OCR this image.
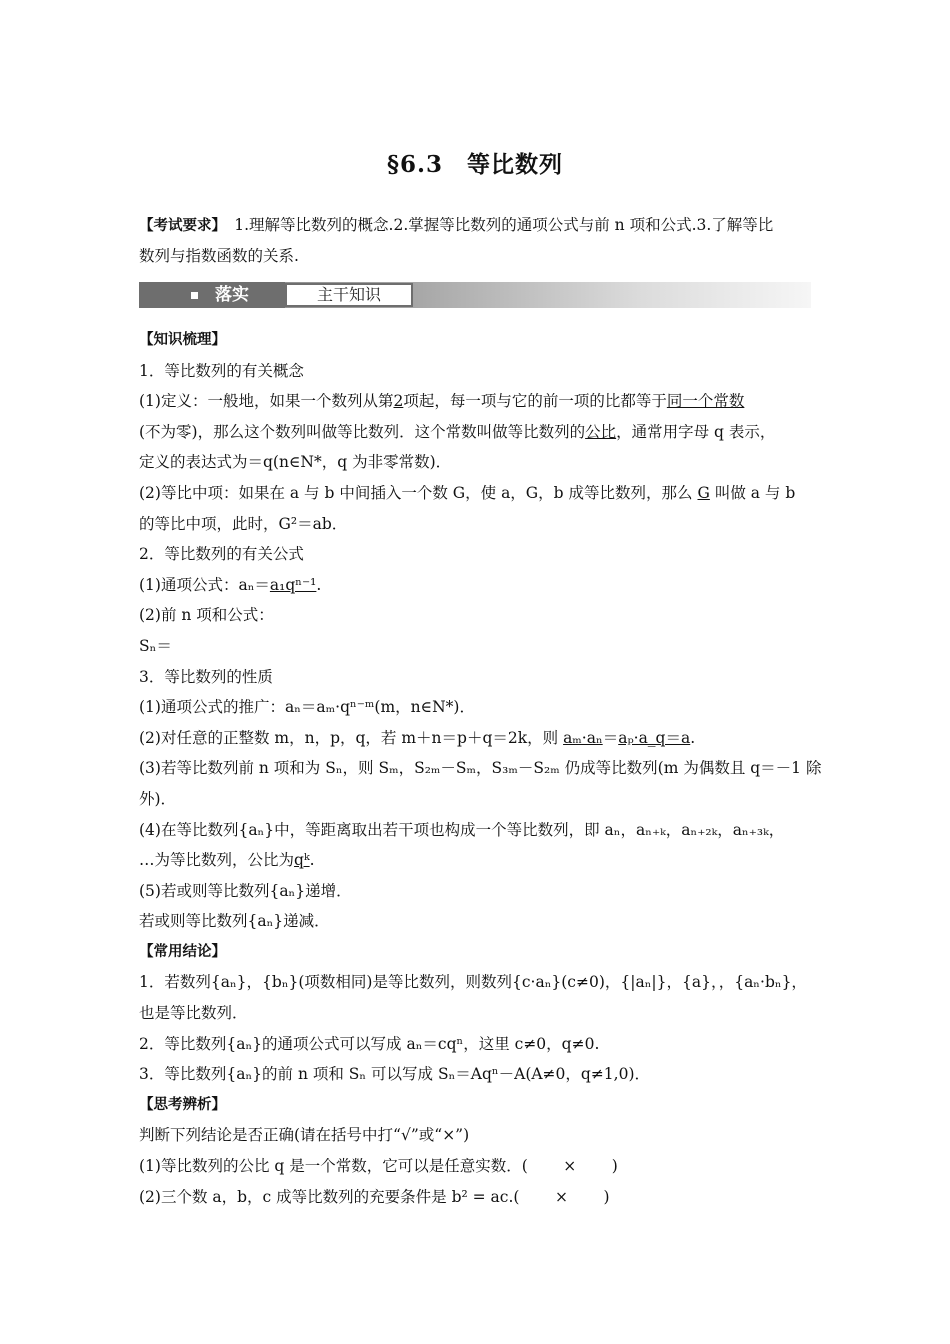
§6.3　等比数列
【考试要求】　1.理解等比数列的概念.2.掌握等比数列的通项公式与前 n 项和公式.3.了解等比
数列与指数函数的关系.
落实	主干知识
【知识梳理】
1．等比数列的有关概念
(1)定义：一般地，如果一个数列从第2项起，每一项与它的前一项的比都等于同一个常数
(不为零)，那么这个数列叫做等比数列．这个常数叫做等比数列的公比，通常用字母 q 表示，
定义的表达式为＝q(n∈N*，q 为非零常数)．
(2)等比中项：如果在 a 与 b 中间插入一个数 G，使 a，G，b 成等比数列，那么 G 叫做 a 与 b
的等比中项，此时，G²＝ab．
2．等比数列的有关公式
(1)通项公式：aₙ＝a₁qⁿ⁻¹.
(2)前 n 项和公式：
Sₙ＝
3．等比数列的性质
(1)通项公式的推广：aₙ＝aₘ·qⁿ⁻ᵐ(m，n∈N*)．
(2)对任意的正整数 m，n，p，q，若 m＋n＝p＋q＝2k，则 aₘ·aₙ＝aₚ·a_q＝a.
(3)若等比数列前 n 项和为 Sₙ，则 Sₘ，S₂ₘ－Sₘ，S₃ₘ－S₂ₘ 仍成等比数列(m 为偶数且 q＝－1 除
外)．
(4)在等比数列{aₙ}中，等距离取出若干项也构成一个等比数列，即 aₙ，aₙ₊ₖ，aₙ₊₂ₖ，aₙ₊₃ₖ，
…为等比数列，公比为qᵏ.
(5)若或则等比数列{aₙ}递增．
若或则等比数列{aₙ}递减．
【常用结论】
1．若数列{aₙ}，{bₙ}(项数相同)是等比数列，则数列{c·aₙ}(c≠0)，{|aₙ|}，{a}，，{aₙ·bₙ}，
也是等比数列．
2．等比数列{aₙ}的通项公式可以写成 aₙ＝cqⁿ，这里 c≠0，q≠0.
3．等比数列{aₙ}的前 n 项和 Sₙ 可以写成 Sₙ＝Aqⁿ－A(A≠0，q≠1,0)．
【思考辨析】
判断下列结论是否正确(请在括号中打“√”或“×”)
(1)等比数列的公比 q 是一个常数，它可以是任意实数．( × )
(2)三个数 a，b，c 成等比数列的充要条件是 b² = ac.( × )
